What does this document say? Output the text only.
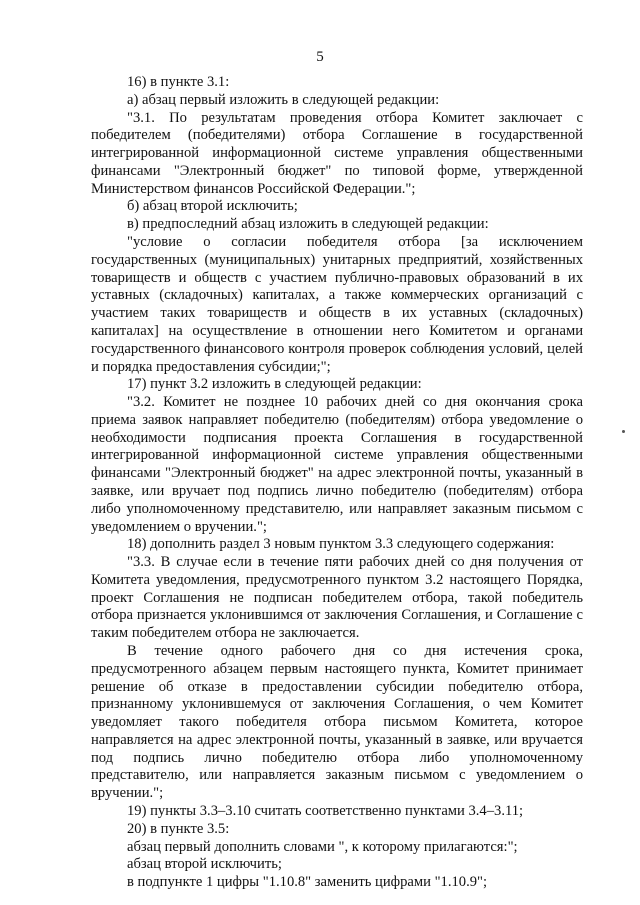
5

16) в пункте 3.1:

а) абзац первый изложить в следующей редакции:

"3.1. По результатам проведения отбора Комитет заключает с победителем (победителями) отбора Соглашение в государственной интегрированной информационной системе управления общественными финансами "Электронный бюджет" по типовой форме, утвержденной Министерством финансов Российской Федерации.";

б) абзац второй исключить;

в) предпоследний абзац изложить в следующей редакции:

"условие о согласии победителя отбора [за исключением государственных (муниципальных) унитарных предприятий, хозяйственных товариществ и обществ с участием публично-правовых образований в их уставных (складочных) капиталах, а также коммерческих организаций с участием таких товариществ и обществ в их уставных (складочных) капиталах] на осуществление в отношении него Комитетом и органами государственного финансового контроля проверок соблюдения условий, целей и порядка предоставления субсидии;";

17) пункт 3.2 изложить в следующей редакции:

"3.2. Комитет не позднее 10 рабочих дней со дня окончания срока приема заявок направляет победителю (победителям) отбора уведомление о необходимости подписания проекта Соглашения в государственной интегрированной информационной системе управления общественными финансами "Электронный бюджет" на адрес электронной почты, указанный в заявке, или вручает под подпись лично победителю (победителям) отбора либо уполномоченному представителю, или направляет заказным письмом с уведомлением о вручении.";

18) дополнить раздел 3 новым пунктом 3.3 следующего содержания:

"3.3. В случае если в течение пяти рабочих дней со дня получения от Комитета уведомления, предусмотренного пунктом 3.2 настоящего Порядка, проект Соглашения не подписан победителем отбора, такой победитель отбора признается уклонившимся от заключения Соглашения, и Соглашение с таким победителем отбора не заключается.

В течение одного рабочего дня со дня истечения срока, предусмотренного абзацем первым настоящего пункта, Комитет принимает решение об отказе в предоставлении субсидии победителю отбора, признанному уклонившемуся от заключения Соглашения, о чем Комитет уведомляет такого победителя отбора письмом Комитета, которое направляется на адрес электронной почты, указанный в заявке, или вручается под подпись лично победителю отбора либо уполномоченному представителю, или направляется заказным письмом с уведомлением о вручении.";

19) пункты 3.3–3.10 считать соответственно пунктами 3.4–3.11;

20) в пункте 3.5:

абзац первый дополнить словами ", к которому прилагаются:";

абзац второй исключить;

в подпункте 1 цифры "1.10.8" заменить цифрами "1.10.9";
